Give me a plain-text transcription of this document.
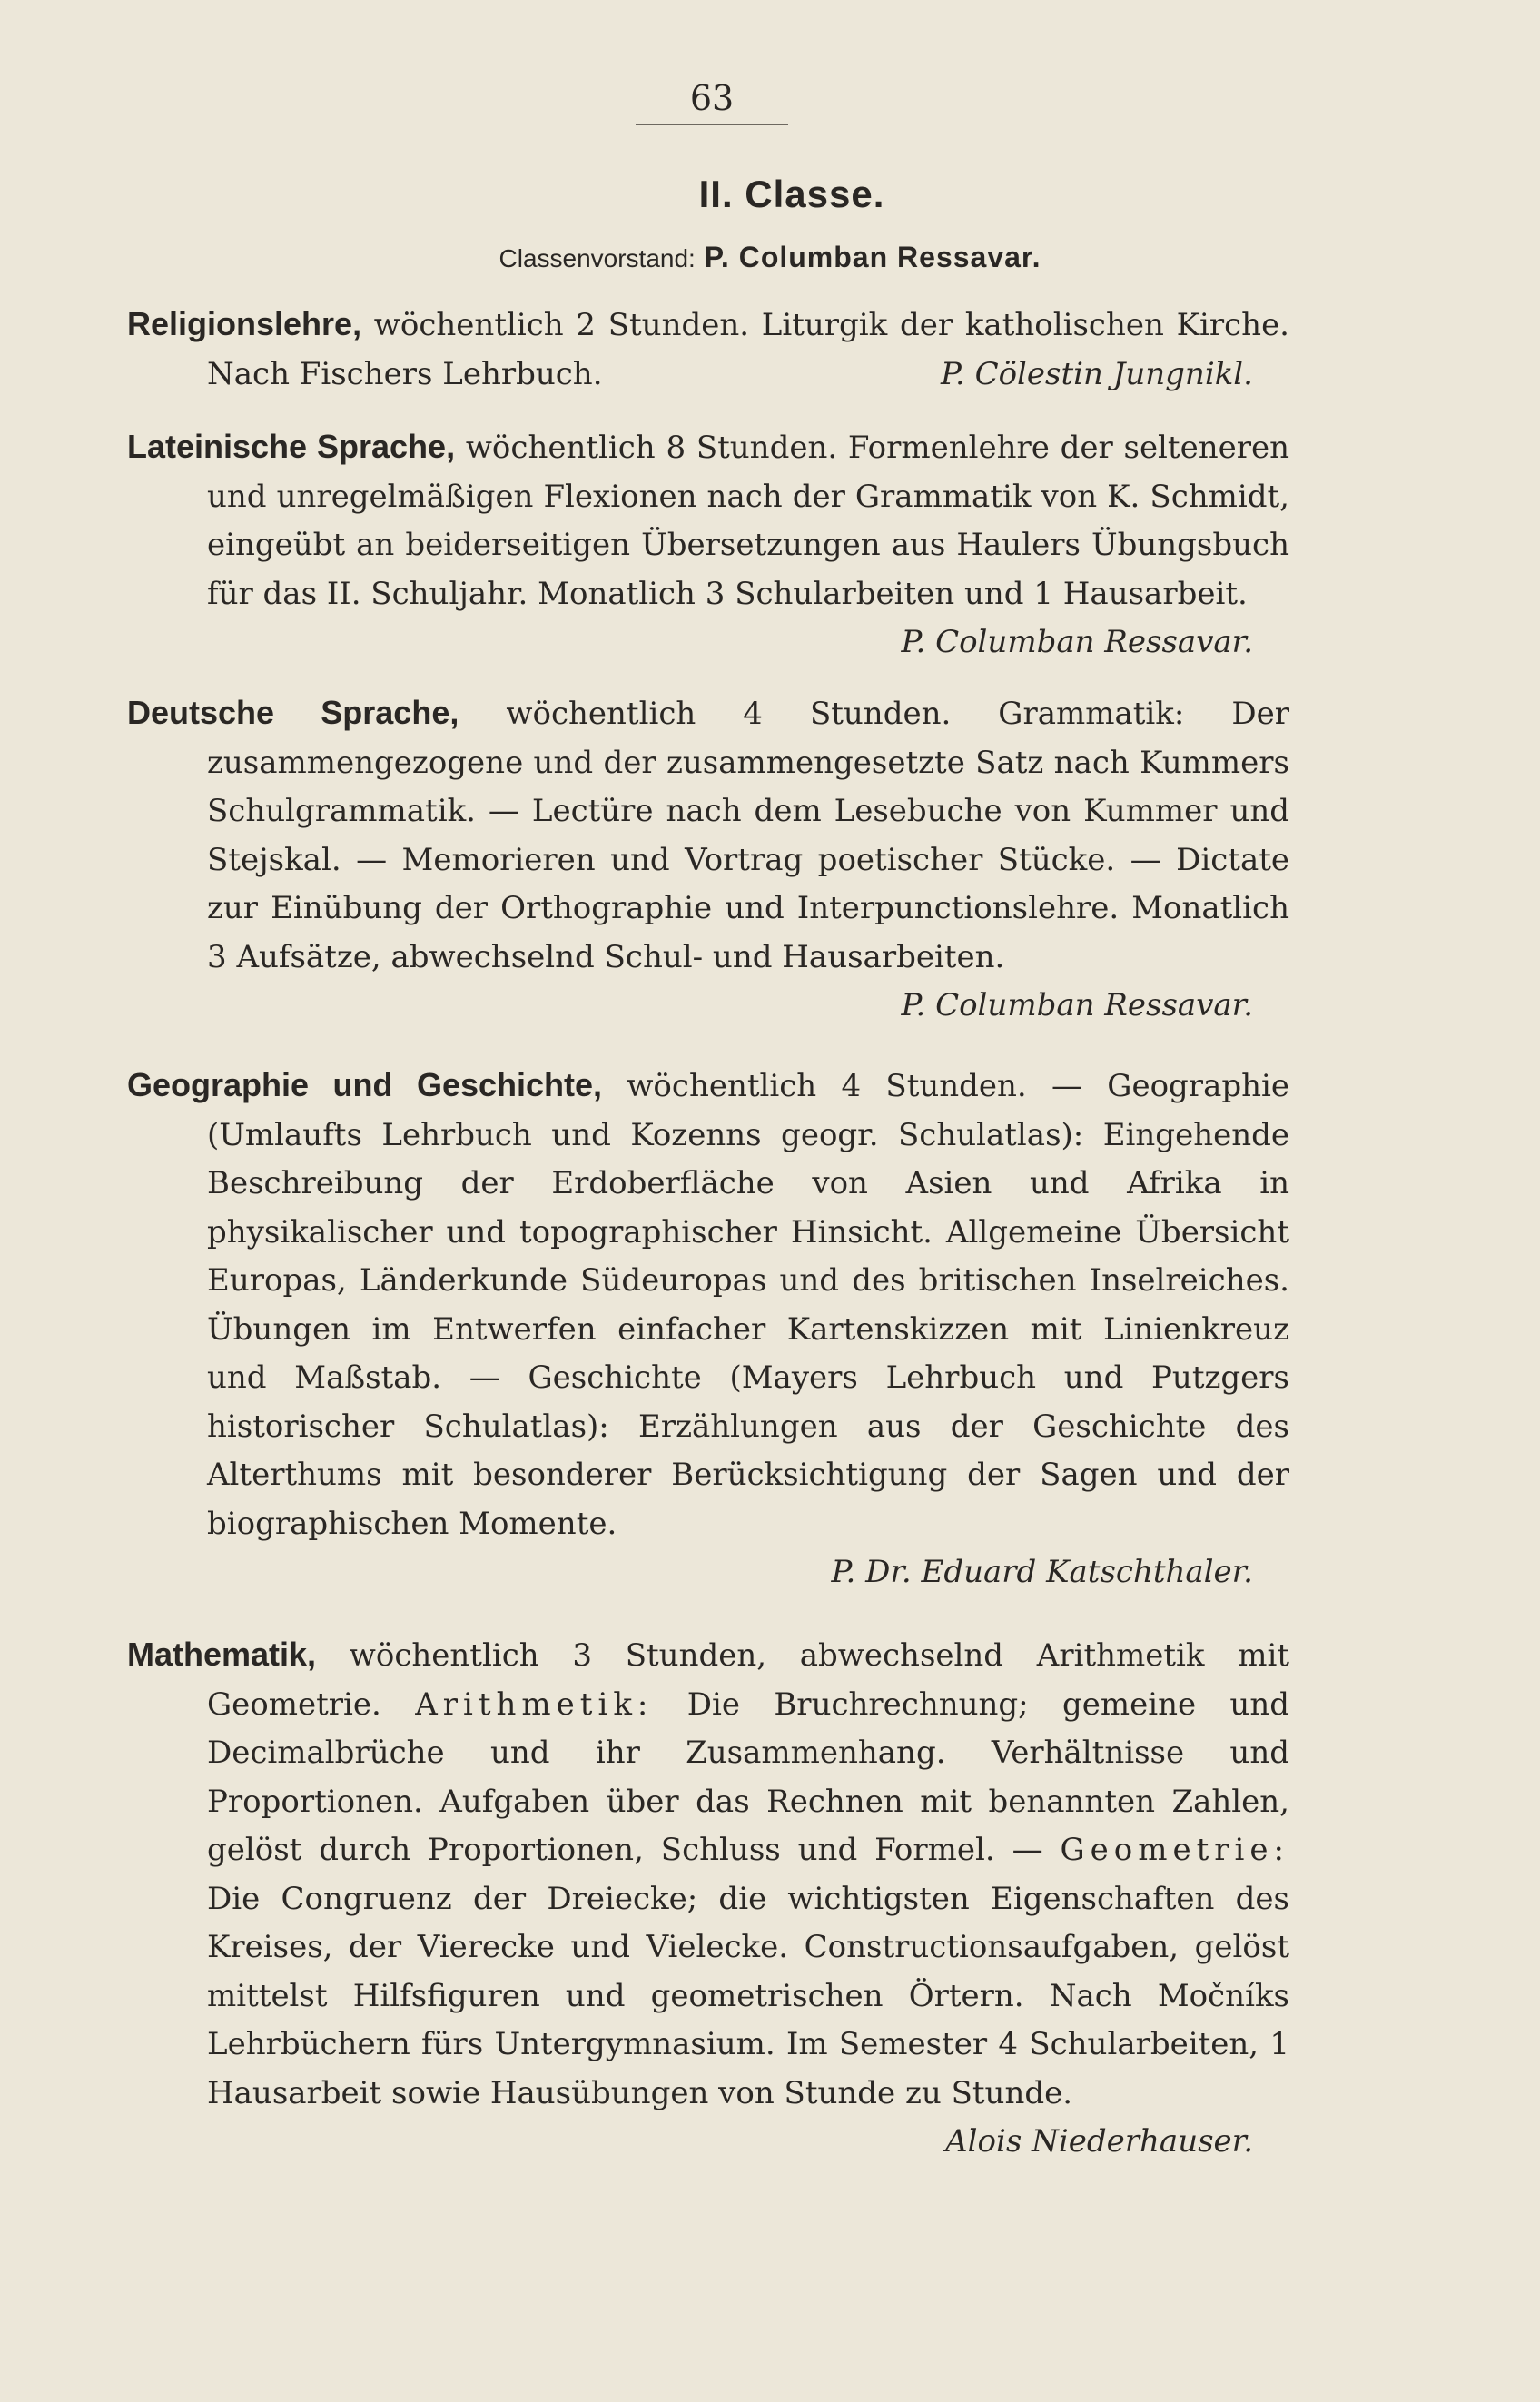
63
II. Classe.
Classenvorstand: P. Columban Ressavar.

Religionslehre, wöchentlich 2 Stunden. Liturgik der katholischen Kirche. Nach Fischers Lehrbuch.	P. Cölestin Jungnikl.

Lateinische Sprache, wöchentlich 8 Stunden. Formenlehre der selteneren und unregelmäßigen Flexionen nach der Grammatik von K. Schmidt, eingeübt an beiderseitigen Übersetzungen aus Haulers Übungsbuch für das II. Schuljahr. Monatlich 3 Schularbeiten und 1 Hausarbeit.
P. Columban Ressavar.

Deutsche Sprache, wöchentlich 4 Stunden. Grammatik: Der zusammengezogene und der zusammengesetzte Satz nach Kummers Schulgrammatik. — Lectüre nach dem Lesebuche von Kummer und Stejskal. — Memorieren und Vortrag poetischer Stücke. — Dictate zur Einübung der Orthographie und Interpunctionslehre. Monatlich 3 Aufsätze, abwechselnd Schul- und Hausarbeiten.
P. Columban Ressavar.

Geographie und Geschichte, wöchentlich 4 Stunden. — Geographie (Umlaufts Lehrbuch und Kozenns geogr. Schulatlas): Eingehende Beschreibung der Erdoberfläche von Asien und Afrika in physikalischer und topographischer Hinsicht. Allgemeine Übersicht Europas, Länderkunde Südeuropas und des britischen Inselreiches. Übungen im Entwerfen einfacher Kartenskizzen mit Linienkreuz und Maßstab. — Geschichte (Mayers Lehrbuch und Putzgers historischer Schulatlas): Erzählungen aus der Geschichte des Alterthums mit besonderer Berücksichtigung der Sagen und der biographischen Momente.

P. Dr. Eduard Katschthaler.

Mathematik, wöchentlich 3 Stunden, abwechselnd Arithmetik mit Geometrie. Arithmetik: Die Bruchrechnung; gemeine und Decimalbrüche und ihr Zusammenhang. Verhältnisse und Proportionen. Aufgaben über das Rechnen mit benannten Zahlen, gelöst durch Proportionen, Schluss und Formel. — Geometrie: Die Congruenz der Dreiecke; die wichtigsten Eigenschaften des Kreises, der Vierecke und Vielecke. Constructionsaufgaben, gelöst mittelst Hilfsfiguren und geometrischen Örtern. Nach Močníks Lehrbüchern fürs Untergymnasium. Im Semester 4 Schularbeiten, 1 Hausarbeit sowie Hausübungen von Stunde zu Stunde.

Alois Niederhauser.
